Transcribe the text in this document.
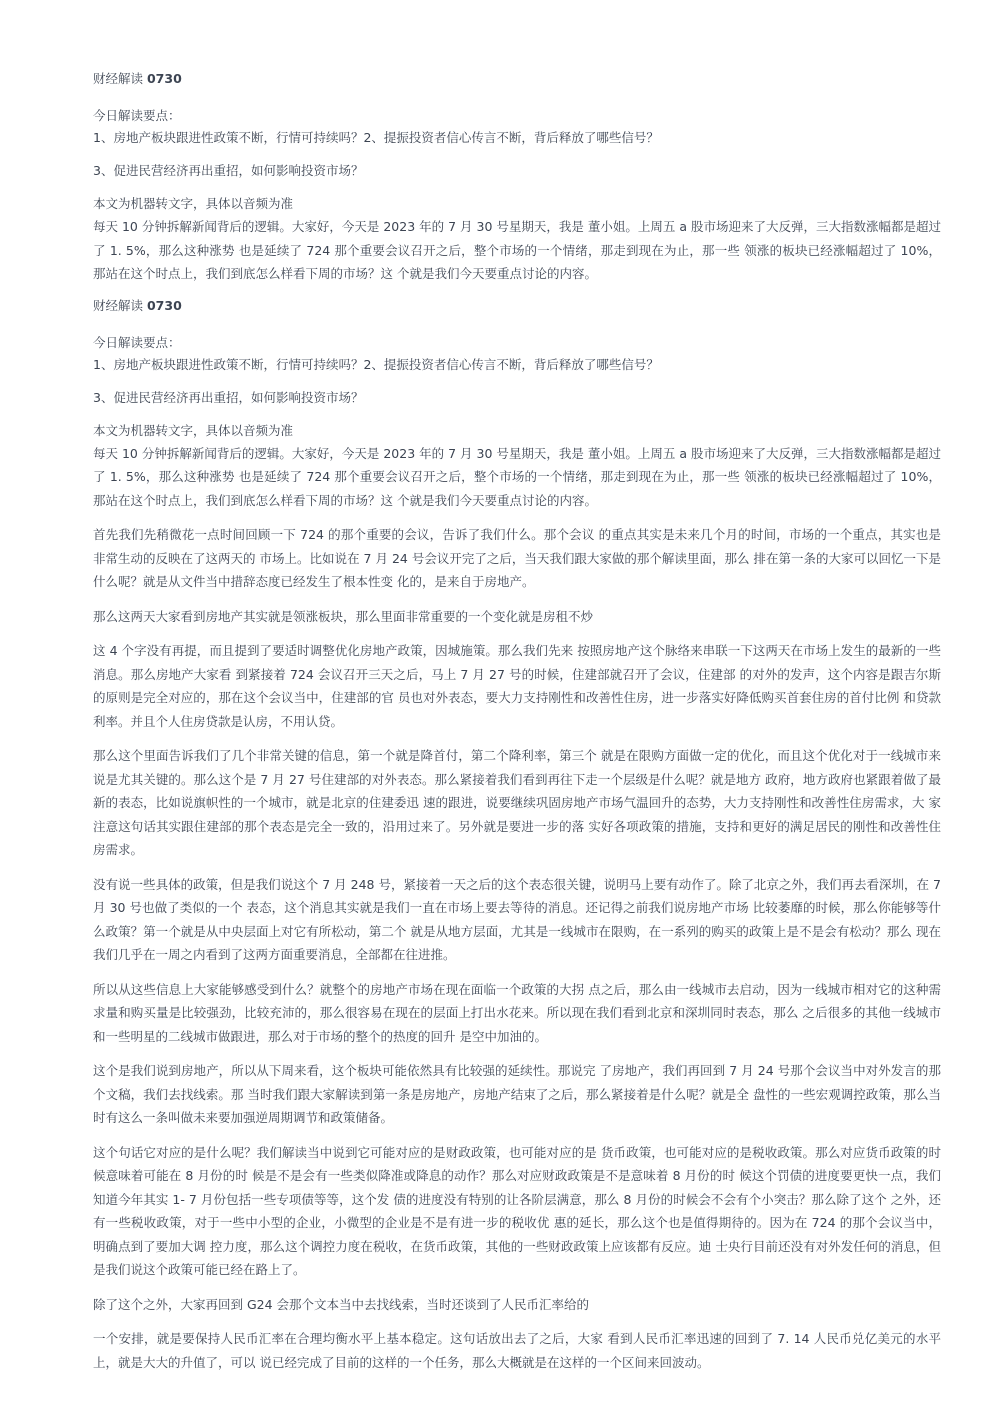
财经解读 0730

今日解读要点：

1、房地产板块跟进性政策不断，行情可持续吗？2、提振投资者信心传言不断，背后释放了哪些信号？

3、促进民营经济再出重招，如何影响投资市场？

本文为机器转文字，具体以音频为准

每天 10 分钟拆解新闻背后的逻辑。大家好，今天是 2023 年的 7 月 30 号星期天，我是 董小姐。上周五 a 股市场迎来了大反弹，三大指数涨幅都是超过了 1. 5%，那么这种涨势 也是延续了 724 那个重要会议召开之后，整个市场的一个情绪，那走到现在为止，那一些 领涨的板块已经涨幅超过了 10%，那站在这个时点上，我们到底怎么样看下周的市场？这 个就是我们今天要重点讨论的内容。

财经解读 0730

今日解读要点：

1、房地产板块跟进性政策不断，行情可持续吗？2、提振投资者信心传言不断，背后释放了哪些信号？

3、促进民营经济再出重招，如何影响投资市场？

本文为机器转文字，具体以音频为准

每天 10 分钟拆解新闻背后的逻辑。大家好，今天是 2023 年的 7 月 30 号星期天，我是 董小姐。上周五 a 股市场迎来了大反弹，三大指数涨幅都是超过了 1. 5%，那么这种涨势 也是延续了 724 那个重要会议召开之后，整个市场的一个情绪，那走到现在为止，那一些 领涨的板块已经涨幅超过了 10%，那站在这个时点上，我们到底怎么样看下周的市场？这 个就是我们今天要重点讨论的内容。

首先我们先稍微花一点时间回顾一下 724 的那个重要的会议，告诉了我们什么。那个会议 的重点其实是未来几个月的时间，市场的一个重点，其实也是非常生动的反映在了这两天的 市场上。比如说在 7 月 24 号会议开完了之后，当天我们跟大家做的那个解读里面，那么 排在第一条的大家可以回忆一下是什么呢？就是从文件当中措辞态度已经发生了根本性变 化的，是来自于房地产。

那么这两天大家看到房地产其实就是领涨板块，那么里面非常重要的一个变化就是房租不炒

这 4 个字没有再提，而且提到了要适时调整优化房地产政策，因城施策。那么我们先来 按照房地产这个脉络来串联一下这两天在市场上发生的最新的一些消息。那么房地产大家看 到紧接着 724 会议召开三天之后，马上 7 月 27 号的时候，住建部就召开了会议，住建部 的对外的发声，这个内容是跟吉尔斯的原则是完全对应的，那在这个会议当中，住建部的官 员也对外表态，要大力支持刚性和改善性住房，进一步落实好降低购买首套住房的首付比例 和贷款利率。并且个人住房贷款是认房，不用认贷。

那么这个里面告诉我们了几个非常关键的信息，第一个就是降首付，第二个降利率，第三个 就是在限购方面做一定的优化，而且这个优化对于一线城市来说是尤其关键的。那么这个是 7 月 27 号住建部的对外表态。那么紧接着我们看到再往下走一个层级是什么呢？就是地方 政府，地方政府也紧跟着做了最新的表态，比如说旗帜性的一个城市，就是北京的住建委迅 速的跟进，说要继续巩固房地产市场气温回升的态势，大力支持刚性和改善性住房需求，大 家注意这句话其实跟住建部的那个表态是完全一致的，沿用过来了。另外就是要进一步的落 实好各项政策的措施，支持和更好的满足居民的刚性和改善性住房需求。

没有说一些具体的政策，但是我们说这个 7 月 248 号，紧接着一天之后的这个表态很关键，说明马上要有动作了。除了北京之外，我们再去看深圳，在 7 月 30 号也做了类似的一个 表态，这个消息其实就是我们一直在市场上要去等待的消息。还记得之前我们说房地产市场 比较萎靡的时候，那么你能够等什么政策？第一个就是从中央层面上对它有所松动，第二个 就是从地方层面，尤其是一线城市在限购，在一系列的购买的政策上是不是会有松动？那么 现在我们几乎在一周之内看到了这两方面重要消息，全部都在往进推。

所以从这些信息上大家能够感受到什么？就整个的房地产市场在现在面临一个政策的大拐 点之后，那么由一线城市去启动，因为一线城市相对它的这种需求量和购买量是比较强劲，比较充沛的，那么很容易在现在的层面上打出水花来。所以现在我们看到北京和深圳同时表态，那么 之后很多的其他一线城市和一些明星的二线城市做跟进，那么对于市场的整个的热度的回升 是空中加油的。

这个是我们说到房地产，所以从下周来看，这个板块可能依然具有比较强的延续性。那说完 了房地产，我们再回到 7 月 24 号那个会议当中对外发言的那个文稿，我们去找线索。那 当时我们跟大家解读到第一条是房地产，房地产结束了之后，那么紧接着是什么呢？就是全 盘性的一些宏观调控政策，那么当时有这么一条叫做未来要加强逆周期调节和政策储备。

这个句话它对应的是什么呢？我们解读当中说到它可能对应的是财政政策，也可能对应的是 货币政策，也可能对应的是税收政策。那么对应货币政策的时候意味着可能在 8 月份的时 候是不是会有一些类似降准或降息的动作？那么对应财政政策是不是意味着 8 月份的时 候这个罚债的进度要更快一点，我们知道今年其实 1- 7 月份包括一些专项债等等，这个发 债的进度没有特别的让各阶层满意，那么 8 月份的时候会不会有个小突击？那么除了这个 之外，还有一些税收政策，对于一些中小型的企业，小微型的企业是不是有进一步的税收优 惠的延长，那么这个也是值得期待的。因为在 724 的那个会议当中，明确点到了要加大调 控力度，那么这个调控力度在税收，在货币政策，其他的一些财政政策上应该都有反应。迪 士央行目前还没有对外发任何的消息，但是我们说这个政策可能已经在路上了。

除了这个之外，大家再回到 G24 会那个文本当中去找线索，当时还谈到了人民币汇率给的

一个安排，就是要保持人民币汇率在合理均衡水平上基本稳定。这句话放出去了之后，大家 看到人民币汇率迅速的回到了 7. 14 人民币兑亿美元的水平上，就是大大的升值了，可以 说已经完成了目前的这样的一个任务，那么大概就是在这样的一个区间来回波动。
